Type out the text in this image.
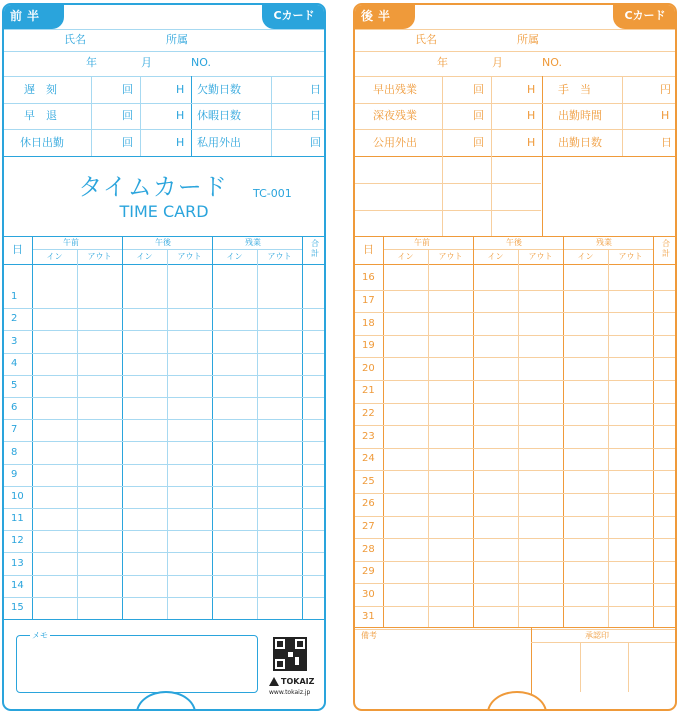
前半	Cカード
氏名	所属
年	月	NO.
遅　刻	回	H 欠勤日数	日
早　退	回	H 休暇日数	日
休日出勤	回	H 私用外出	回
タイムカード	TC-001
TIME CARD
午前	午後	残業	合計
日
イン	アウト	イン	アウト	イン	アウト
1
2
3
4
5
6
7
8
9
10
11
12
13
14
15
メモ
TOKAIZ
www.tokaiz.jp
後半	Cカード
氏名	所属
年	月	NO.
早出残業	回	H 手　当	円
深夜残業	回	H 出勤時間	H
公用外出	回	H 出勤日数	日
午前	午後	残業	合計
日
イン	アウト	イン	アウト	イン	アウト
16
17
18
19
20
21
22
23
24
25
26
27
28
29
30
31
備考	承認印
